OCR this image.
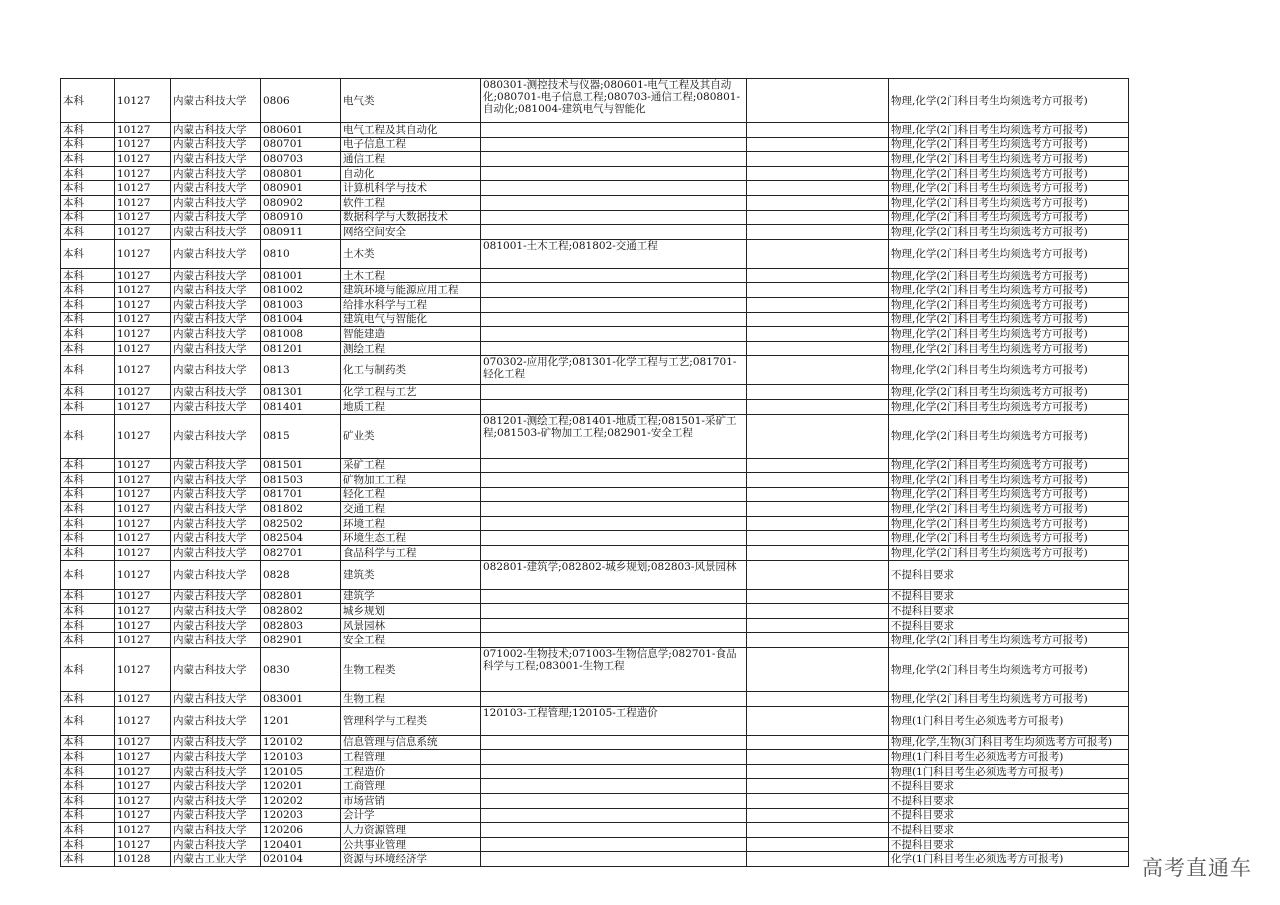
本科	10127	内蒙古科技大学	0806	电气类	080301-测控技术与仪器;080601-电气工程及其自动化;080701-电子信息工程;080703-通信工程;080801-自动化;081004-建筑电气与智能化		物理,化学(2门科目考生均须选考方可报考)
本科	10127	内蒙古科技大学	080601	电气工程及其自动化			物理,化学(2门科目考生均须选考方可报考)
本科	10127	内蒙古科技大学	080701	电子信息工程			物理,化学(2门科目考生均须选考方可报考)
本科	10127	内蒙古科技大学	080703	通信工程			物理,化学(2门科目考生均须选考方可报考)
本科	10127	内蒙古科技大学	080801	自动化			物理,化学(2门科目考生均须选考方可报考)
本科	10127	内蒙古科技大学	080901	计算机科学与技术			物理,化学(2门科目考生均须选考方可报考)
本科	10127	内蒙古科技大学	080902	软件工程			物理,化学(2门科目考生均须选考方可报考)
本科	10127	内蒙古科技大学	080910	数据科学与大数据技术			物理,化学(2门科目考生均须选考方可报考)
本科	10127	内蒙古科技大学	080911	网络空间安全			物理,化学(2门科目考生均须选考方可报考)
本科	10127	内蒙古科技大学	0810	土木类	081001-土木工程;081802-交通工程		物理,化学(2门科目考生均须选考方可报考)
本科	10127	内蒙古科技大学	081001	土木工程			物理,化学(2门科目考生均须选考方可报考)
本科	10127	内蒙古科技大学	081002	建筑环境与能源应用工程			物理,化学(2门科目考生均须选考方可报考)
本科	10127	内蒙古科技大学	081003	给排水科学与工程			物理,化学(2门科目考生均须选考方可报考)
本科	10127	内蒙古科技大学	081004	建筑电气与智能化			物理,化学(2门科目考生均须选考方可报考)
本科	10127	内蒙古科技大学	081008	智能建造			物理,化学(2门科目考生均须选考方可报考)
本科	10127	内蒙古科技大学	081201	测绘工程			物理,化学(2门科目考生均须选考方可报考)
本科	10127	内蒙古科技大学	0813	化工与制药类	070302-应用化学;081301-化学工程与工艺;081701-轻化工程		物理,化学(2门科目考生均须选考方可报考)
本科	10127	内蒙古科技大学	081301	化学工程与工艺			物理,化学(2门科目考生均须选考方可报考)
本科	10127	内蒙古科技大学	081401	地质工程			物理,化学(2门科目考生均须选考方可报考)
本科	10127	内蒙古科技大学	0815	矿业类	081201-测绘工程;081401-地质工程;081501-采矿工程;081503-矿物加工工程;082901-安全工程		物理,化学(2门科目考生均须选考方可报考)
本科	10127	内蒙古科技大学	081501	采矿工程			物理,化学(2门科目考生均须选考方可报考)
本科	10127	内蒙古科技大学	081503	矿物加工工程			物理,化学(2门科目考生均须选考方可报考)
本科	10127	内蒙古科技大学	081701	轻化工程			物理,化学(2门科目考生均须选考方可报考)
本科	10127	内蒙古科技大学	081802	交通工程			物理,化学(2门科目考生均须选考方可报考)
本科	10127	内蒙古科技大学	082502	环境工程			物理,化学(2门科目考生均须选考方可报考)
本科	10127	内蒙古科技大学	082504	环境生态工程			物理,化学(2门科目考生均须选考方可报考)
本科	10127	内蒙古科技大学	082701	食品科学与工程			物理,化学(2门科目考生均须选考方可报考)
本科	10127	内蒙古科技大学	0828	建筑类	082801-建筑学;082802-城乡规划;082803-风景园林		不提科目要求
本科	10127	内蒙古科技大学	082801	建筑学			不提科目要求
本科	10127	内蒙古科技大学	082802	城乡规划			不提科目要求
本科	10127	内蒙古科技大学	082803	风景园林			不提科目要求
本科	10127	内蒙古科技大学	082901	安全工程			物理,化学(2门科目考生均须选考方可报考)
本科	10127	内蒙古科技大学	0830	生物工程类	071002-生物技术;071003-生物信息学;082701-食品科学与工程;083001-生物工程		物理,化学(2门科目考生均须选考方可报考)
本科	10127	内蒙古科技大学	083001	生物工程			物理,化学(2门科目考生均须选考方可报考)
本科	10127	内蒙古科技大学	1201	管理科学与工程类	120103-工程管理;120105-工程造价		物理(1门科目考生必须选考方可报考)
本科	10127	内蒙古科技大学	120102	信息管理与信息系统			物理,化学,生物(3门科目考生均须选考方可报考)
本科	10127	内蒙古科技大学	120103	工程管理			物理(1门科目考生必须选考方可报考)
本科	10127	内蒙古科技大学	120105	工程造价			物理(1门科目考生必须选考方可报考)
本科	10127	内蒙古科技大学	120201	工商管理			不提科目要求
本科	10127	内蒙古科技大学	120202	市场营销			不提科目要求
本科	10127	内蒙古科技大学	120203	会计学			不提科目要求
本科	10127	内蒙古科技大学	120206	人力资源管理			不提科目要求
本科	10127	内蒙古科技大学	120401	公共事业管理			不提科目要求
本科	10128	内蒙古工业大学	020104	资源与环境经济学			化学(1门科目考生必须选考方可报考)	高考直通车
